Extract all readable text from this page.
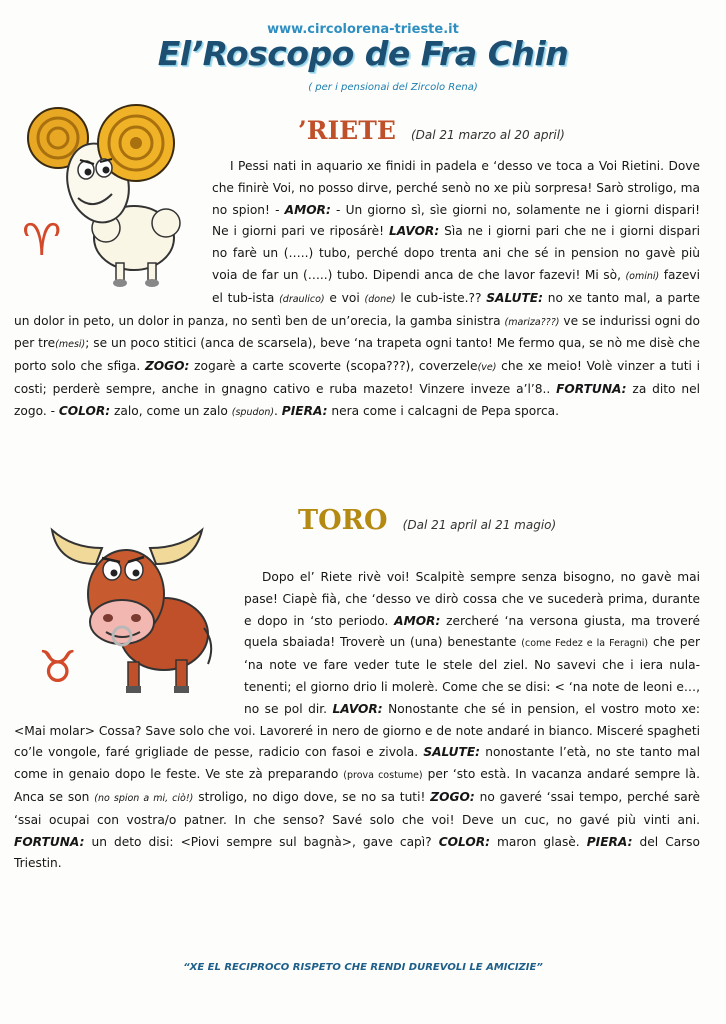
www.circolorena-trieste.it
El’Roscopo de Fra Chin
( per i pensionai del Zircolo Rena)
♈
’RIETE (Dal 21 marzo al 20 april)

I Pessi nati in aquario xe finidi in padela e ‘desso ve toca a Voi Rietini. Dove che finirè Voi, no posso dirve, perché senò no xe più sorpresa! Sarò stroligo, ma no spion! - AMOR: - Un giorno sì, sìe giorni no, solamente ne i giorni dispari! Ne i giorni pari ve riposárè! LAVOR: Sìa ne i giorni pari che ne i giorni dispari no farè un (…..) tubo, perché dopo trenta ani che sé in pension no gavè più voia de far un (…..) tubo. Dipendi anca de che lavor fazevi! Mi sò, (omini) fazevi el tub-ista (draulico) e voi (done) le cub-iste.?? SALUTE: no xe tanto mal, a parte un dolor in peto, un dolor in panza, no sentì ben de un’orecia, la gamba sinistra (mariza???) ve se indurissi ogni do per tre(mesi); se un poco stitici (anca de scarsela), beve ‘na trapeta ogni tanto! Me fermo qua, se nò me disè che porto solo che sfiga. ZOGO: zogarè a carte scoverte (scopa???), coverzele(ve) che xe meio! Volè vinzer a tuti i costi; perderè sempre, anche in gnagno cativo e ruba mazeto! Vinzere inveze a’l’8.. FORTUNA: za dito nel zogo. - COLOR: zalo, come un zalo (spudon). PIERA: nera come i calcagni de Pepa sporca.

♉
TORO (Dal 21 april al 21 magio)

Dopo el’ Riete rivè voi! Scalpitè sempre senza bisogno, no gavè mai pase! Ciapè fià, che ‘desso ve dirò cossa che ve sucederà prima, durante e dopo in ‘sto periodo. AMOR: zercheré ‘na versona giusta, ma troveré quela sbaiada! Troverè un (una) benestante (come Fedez e la Feragni) che per ‘na note ve fare veder tute le stele del ziel. No savevi che i iera nula-tenenti; el giorno drio li molerè. Come che se disi: < ‘na note de leoni e…, no se pol dir. LAVOR: Nonostante che sé in pension, el vostro moto xe: <Mai molar> Cossa? Save solo che voi. Lavoreré in nero de giorno e de note andaré in bianco. Misceré spagheti co’le vongole, faré grigliade de pesse, radicio con fasoi e zivola. SALUTE: nonostante l’età, no ste tanto mal come in genaio dopo le feste. Ve ste zà preparando (prova costume) per ‘sto està. In vacanza andaré sempre là. Anca se son (no spion a mi, ciò!) stroligo, no digo dove, se no sa tuti! ZOGO: no gaveré ‘ssai tempo, perché sarè ‘ssai ocupai con vostra/o patner. In che senso? Savé solo che voi! Deve un cuc, no gavé più vinti ani. FORTUNA: un deto disi: <Piovi sempre sul bagnà>, gave capì? COLOR: maron glasè. PIERA: del Carso Triestin.

“XE EL RECIPROCO RISPETO CHE RENDI DUREVOLI LE AMICIZIE”
